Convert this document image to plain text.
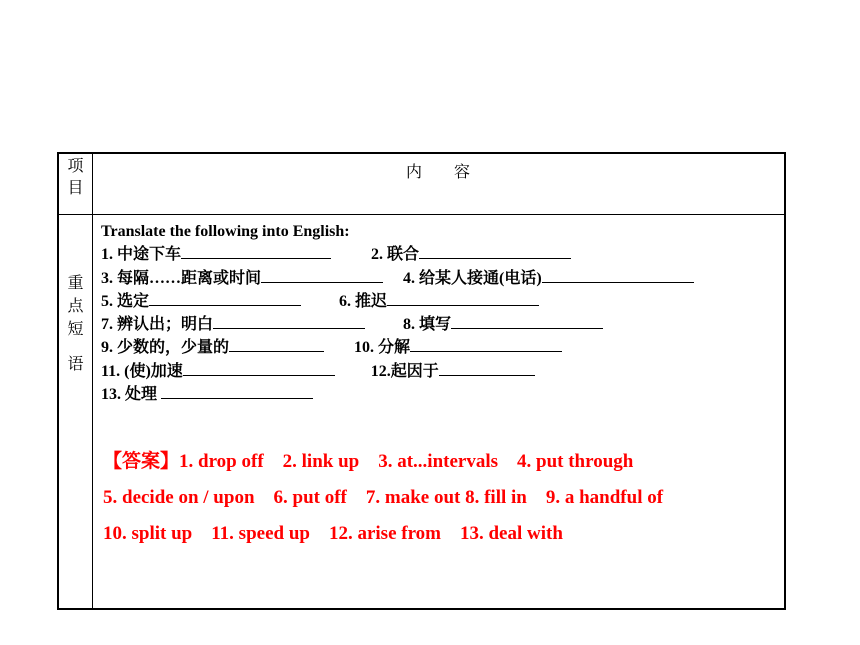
项
目
内　　容
重
点
短
语
Translate the following into English:
1. 中途下车	2. 联合
3. 每隔……距离或时间	4. 给某人接通(电话)
5. 选定	6. 推迟
7. 辨认出；明白	8. 填写
9. 少数的，少量的	10. 分解
11. (使)加速	12.起因于
13. 处理
【答案】1. drop off    2. link up    3. at...intervals    4. put through
5. decide on / upon    6. put off    7. make out 8. fill in    9. a handful of
10. split up    11. speed up    12. arise from    13. deal with
